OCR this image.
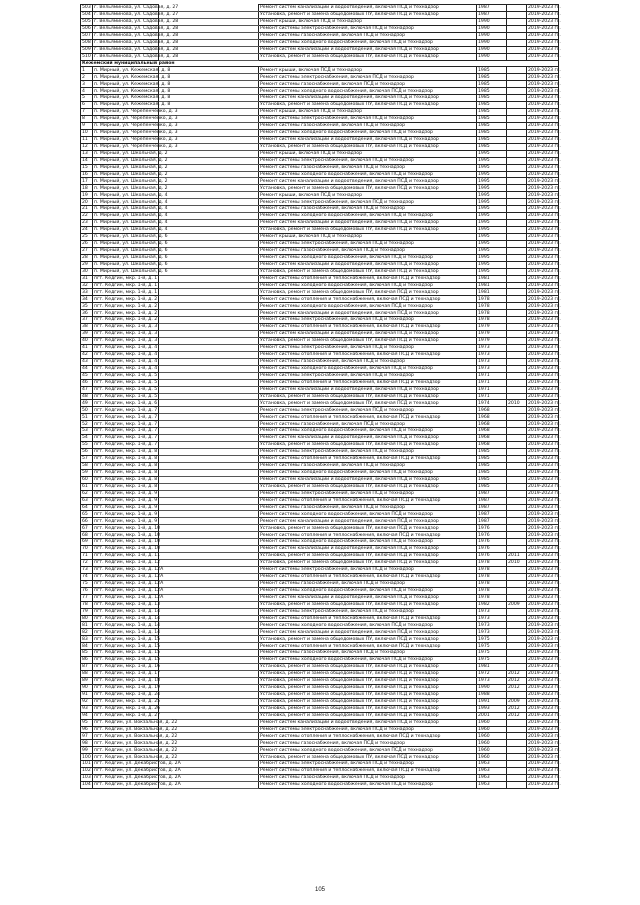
503	г. Вельяминова, ул. Садовая, д. 27		Ремонт систем канализации и водоотведения, включая ПСД и технадзор	1987		2019-2023 гг.
504	г. Вельяминова, ул. Садовая, д. 27		Установка, ремонт и замена общедомовых ПУ, включая ПСД и технадзор	1987		2019-2023 гг.
505	г. Вельяминова, ул. Садовая, д. 28		Ремонт крыши, включая ПСД и технадзор	1990		2019-2023 гг.
506	г. Вельяминова, ул. Садовая, д. 28		Ремонт системы электроснабжения, включая ПСД и технадзор	1990		2019-2023 гг.
507	г. Вельяминова, ул. Садовая, д. 28		Ремонт системы газоснабжения, включая ПСД и технадзор	1990		2019-2023 гг.
508	г. Вельяминова, ул. Садовая, д. 28		Ремонт системы холодного водоснабжения, включая ПСД и технадзор	1990		2019-2023 гг.
509	г. Вельяминова, ул. Садовая, д. 28		Ремонт систем канализации и водоотведения, включая ПСД и технадзор	1990		2019-2023 гг.
510	г. Вельяминова, ул. Садовая, д. 28		Установка, ремонт и замена общедомовых ПУ, включая ПСД и технадзор	1990		2019-2023 гг.
Кежемский муниципальный район						
1	п. Мирный, ул. Кежемская, д. 8		Ремонт крыши, включая ПСД и технадзор	1985		2019-2023 гг.
2	п. Мирный, ул. Кежемская, д. 8		Ремонт системы электроснабжения, включая ПСД и технадзор	1985		2019-2023 гг.
3	п. Мирный, ул. Кежемская, д. 8		Ремонт системы газоснабжения, включая ПСД и технадзор	1985		2019-2023 гг.
4	п. Мирный, ул. Кежемская, д. 8		Ремонт системы холодного водоснабжения, включая ПСД и технадзор	1985		2019-2023 гг.
5	п. Мирный, ул. Кежемская, д. 8		Ремонт систем канализации и водоотведения, включая ПСД и технадзор	1985		2019-2023 гг.
6	п. Мирный, ул. Кежемская, д. 8		Установка, ремонт и замена общедомовых ПУ, включая ПСД и технадзор	1985		2019-2023 гг.
7	п. Мирный, ул. Черепенченко, д. 3		Ремонт крыши, включая ПСД и технадзор	1985		2019-2023 гг.
8	п. Мирный, ул. Черепенченко, д. 3		Ремонт системы электроснабжения, включая ПСД и технадзор	1985		2019-2023 гг.
9	п. Мирный, ул. Черепенченко, д. 3		Ремонт системы газоснабжения, включая ПСД и технадзор	1985		2019-2023 гг.
10	п. Мирный, ул. Черепенченко, д. 3		Ремонт системы холодного водоснабжения, включая ПСД и технадзор	1985		2019-2023 гг.
11	п. Мирный, ул. Черепенченко, д. 3		Ремонт систем канализации и водоотведения, включая ПСД и технадзор	1985		2019-2023 гг.
12	п. Мирный, ул. Черепенченко, д. 3		Установка, ремонт и замена общедомовых ПУ, включая ПСД и технадзор	1985		2019-2023 гг.
13	п. Мирный, ул. Школьная, д. 2		Ремонт крыши, включая ПСД и технадзор	1995		2019-2023 гг.
14	п. Мирный, ул. Школьная, д. 2		Ремонт системы электроснабжения, включая ПСД и технадзор	1995		2019-2023 гг.
15	п. Мирный, ул. Школьная, д. 2		Ремонт системы газоснабжения, включая ПСД и технадзор	1995		2019-2023 гг.
16	п. Мирный, ул. Школьная, д. 2		Ремонт системы холодного водоснабжения, включая ПСД и технадзор	1995		2019-2023 гг.
17	п. Мирный, ул. Школьная, д. 2		Ремонт систем канализации и водоотведения, включая ПСД и технадзор	1995		2019-2023 гг.
18	п. Мирный, ул. Школьная, д. 2		Установка, ремонт и замена общедомовых ПУ, включая ПСД и технадзор	1995		2019-2023 гг.
19	п. Мирный, ул. Школьная, д. 4		Ремонт крыши, включая ПСД и технадзор	1995		2019-2023 гг.
20	п. Мирный, ул. Школьная, д. 4		Ремонт системы электроснабжения, включая ПСД и технадзор	1995		2019-2023 гг.
21	п. Мирный, ул. Школьная, д. 4		Ремонт системы газоснабжения, включая ПСД и технадзор	1995		2019-2023 гг.
22	п. Мирный, ул. Школьная, д. 4		Ремонт системы холодного водоснабжения, включая ПСД и технадзор	1995		2019-2023 гг.
23	п. Мирный, ул. Школьная, д. 4		Ремонт систем канализации и водоотведения, включая ПСД и технадзор	1995		2019-2023 гг.
24	п. Мирный, ул. Школьная, д. 4		Установка, ремонт и замена общедомовых ПУ, включая ПСД и технадзор	1995		2019-2023 гг.
25	п. Мирный, ул. Школьная, д. 6		Ремонт крыши, включая ПСД и технадзор	1995		2019-2023 гг.
26	п. Мирный, ул. Школьная, д. 6		Ремонт системы электроснабжения, включая ПСД и технадзор	1995		2019-2023 гг.
27	п. Мирный, ул. Школьная, д. 6		Ремонт системы газоснабжения, включая ПСД и технадзор	1995		2019-2023 гг.
28	п. Мирный, ул. Школьная, д. 6		Ремонт системы холодного водоснабжения, включая ПСД и технадзор	1995		2019-2023 гг.
29	п. Мирный, ул. Школьная, д. 6		Ремонт систем канализации и водоотведения, включая ПСД и технадзор	1995		2019-2023 гг.
30	п. Мирный, ул. Школьная, д. 6		Установка, ремонт и замена общедомовых ПУ, включая ПСД и технадзор	1995		2019-2023 гг.
31	пгт. Кедгин, мкр. 1-й, д. 1		Ремонт системы отопления и теплоснабжения, включая ПСД и технадзор	1981		2019-2023 гг.
32	пгт. Кедгин, мкр. 1-й, д. 1		Ремонт системы холодного водоснабжения, включая ПСД и технадзор	1981		2019-2023 гг.
33	пгт. Кедгин, мкр. 1-й, д. 1		Установка, ремонт и замена общедомовых ПУ, включая ПСД и технадзор	1981		2019-2023 гг.
34	пгт. Кедгин, мкр. 1-й, д. 2		Ремонт системы отопления и теплоснабжения, включая ПСД и технадзор	1978		2019-2023 гг.
35	пгт. Кедгин, мкр. 1-й, д. 2		Ремонт системы холодного водоснабжения, включая ПСД и технадзор	1978		2019-2023 гг.
36	пгт. Кедгин, мкр. 1-й, д. 2		Ремонт систем канализации и водоотведения, включая ПСД и технадзор	1978		2019-2023 гг.
37	пгт. Кедгин, мкр. 1-й, д. 2		Ремонт системы электроснабжения, включая ПСД и технадзор	1978		2019-2023 гг.
38	пгт. Кедгин, мкр. 1-й, д. 3		Ремонт системы отопления и теплоснабжения, включая ПСД и технадзор	1979		2019-2023 гг.
39	пгт. Кедгин, мкр. 1-й, д. 3		Ремонт систем канализации и водоотведения, включая ПСД и технадзор	1979		2019-2023 гг.
40	пгт. Кедгин, мкр. 1-й, д. 3		Установка, ремонт и замена общедомовых ПУ, включая ПСД и технадзор	1979		2019-2023 гг.
41	пгт. Кедгин, мкр. 1-й, д. 4		Ремонт системы электроснабжения, включая ПСД и технадзор	1973		2019-2023 гг.
42	пгт. Кедгин, мкр. 1-й, д. 4		Ремонт системы отопления и теплоснабжения, включая ПСД и технадзор	1973		2019-2023 гг.
43	пгт. Кедгин, мкр. 1-й, д. 4		Ремонт системы газоснабжения, включая ПСД и технадзор	1973		2019-2023 гг.
44	пгт. Кедгин, мкр. 1-й, д. 4		Ремонт системы холодного водоснабжения, включая ПСД и технадзор	1973		2019-2023 гг.
45	пгт. Кедгин, мкр. 1-й, д. 5		Ремонт системы электроснабжения, включая ПСД и технадзор	1971		2019-2023 гг.
46	пгт. Кедгин, мкр. 1-й, д. 5		Ремонт системы отопления и теплоснабжения, включая ПСД и технадзор	1971		2019-2023 гг.
47	пгт. Кедгин, мкр. 1-й, д. 5		Ремонт систем канализации и водоотведения, включая ПСД и технадзор	1971		2019-2023 гг.
48	пгт. Кедгин, мкр. 1-й, д. 5		Установка, ремонт и замена общедомовых ПУ, включая ПСД и технадзор	1971		2019-2023 гг.
49	пгт. Кедгин, мкр. 1-й, д. 6		Установка, ремонт и замена общедомовых ПУ, включая ПСД и технадзор	1974	2010	2019-2023 гг.
50	пгт. Кедгин, мкр. 1-й, д. 7		Ремонт системы электроснабжения, включая ПСД и технадзор	1968		2019-2023 гг.
51	пгт. Кедгин, мкр. 1-й, д. 7		Ремонт системы отопления и теплоснабжения, включая ПСД и технадзор	1968		2019-2023 гг.
52	пгт. Кедгин, мкр. 1-й, д. 7		Ремонт системы газоснабжения, включая ПСД и технадзор	1968		2019-2023 гг.
53	пгт. Кедгин, мкр. 1-й, д. 7		Ремонт системы холодного водоснабжения, включая ПСД и технадзор	1968		2019-2023 гг.
54	пгт. Кедгин, мкр. 1-й, д. 7		Ремонт систем канализации и водоотведения, включая ПСД и технадзор	1968		2019-2023 гг.
55	пгт. Кедгин, мкр. 1-й, д. 7		Установка, ремонт и замена общедомовых ПУ, включая ПСД и технадзор	1968		2019-2023 гг.
56	пгт. Кедгин, мкр. 1-й, д. 8		Ремонт системы электроснабжения, включая ПСД и технадзор	1985		2019-2023 гг.
57	пгт. Кедгин, мкр. 1-й, д. 8		Ремонт системы отопления и теплоснабжения, включая ПСД и технадзор	1985		2019-2023 гг.
58	пгт. Кедгин, мкр. 1-й, д. 8		Ремонт системы газоснабжения, включая ПСД и технадзор	1985		2019-2023 гг.
59	пгт. Кедгин, мкр. 1-й, д. 8		Ремонт системы холодного водоснабжения, включая ПСД и технадзор	1985		2019-2023 гг.
60	пгт. Кедгин, мкр. 1-й, д. 8		Ремонт систем канализации и водоотведения, включая ПСД и технадзор	1985		2019-2023 гг.
61	пгт. Кедгин, мкр. 1-й, д. 8		Установка, ремонт и замена общедомовых ПУ, включая ПСД и технадзор	1985		2019-2023 гг.
62	пгт. Кедгин, мкр. 1-й, д. 9		Ремонт системы электроснабжения, включая ПСД и технадзор	1987		2019-2023 гг.
63	пгт. Кедгин, мкр. 1-й, д. 9		Ремонт системы отопления и теплоснабжения, включая ПСД и технадзор	1987		2019-2023 гг.
64	пгт. Кедгин, мкр. 1-й, д. 9		Ремонт системы газоснабжения, включая ПСД и технадзор	1987		2019-2023 гг.
65	пгт. Кедгин, мкр. 1-й, д. 9		Ремонт системы холодного водоснабжения, включая ПСД и технадзор	1987		2019-2023 гг.
66	пгт. Кедгин, мкр. 1-й, д. 9		Ремонт систем канализации и водоотведения, включая ПСД и технадзор	1987		2019-2023 гг.
67	пгт. Кедгин, мкр. 1-й, д. 10		Установка, ремонт и замена общедомовых ПУ, включая ПСД и технадзор	1976		2019-2023 гг.
68	пгт. Кедгин, мкр. 1-й, д. 10		Ремонт системы отопления и теплоснабжения, включая ПСД и технадзор	1976		2019-2023 гг.
69	пгт. Кедгин, мкр. 1-й, д. 10		Ремонт системы холодного водоснабжения, включая ПСД и технадзор	1976		2019-2023 гг.
70	пгт. Кедгин, мкр. 1-й, д. 10		Ремонт систем канализации и водоотведения, включая ПСД и технадзор	1976		2019-2023 гг.
71	пгт. Кедгин, мкр. 1-й, д. 11		Установка, ремонт и замена общедомовых ПУ, включая ПСД и технадзор	1976	2011	2019-2023 гг.
72	пгт. Кедгин, мкр. 1-й, д. 12		Установка, ремонт и замена общедомовых ПУ, включая ПСД и технадзор	1978	2010	2019-2023 гг.
73	пгт. Кедгин, мкр. 1-й, д. 12А		Ремонт системы электроснабжения, включая ПСД и технадзор	1978		2019-2023 гг.
74	пгт. Кедгин, мкр. 1-й, д. 12А		Ремонт системы отопления и теплоснабжения, включая ПСД и технадзор	1978		2019-2023 гг.
75	пгт. Кедгин, мкр. 1-й, д. 12А		Ремонт системы газоснабжения, включая ПСД и технадзор	1978		2019-2023 гг.
76	пгт. Кедгин, мкр. 1-й, д. 12А		Ремонт системы холодного водоснабжения, включая ПСД и технадзор	1978		2019-2023 гг.
77	пгт. Кедгин, мкр. 1-й, д. 12А		Ремонт систем канализации и водоотведения, включая ПСД и технадзор	1978		2019-2023 гг.
78	пгт. Кедгин, мкр. 1-й, д. 13		Установка, ремонт и замена общедомовых ПУ, включая ПСД и технадзор	1982	2009	2019-2023 гг.
79	пгт. Кедгин, мкр. 1-й, д. 14		Ремонт системы электроснабжения, включая ПСД и технадзор	1973		2019-2023 гг.
80	пгт. Кедгин, мкр. 1-й, д. 14		Ремонт системы отопления и теплоснабжения, включая ПСД и технадзор	1973		2019-2023 гг.
81	пгт. Кедгин, мкр. 1-й, д. 14		Ремонт системы холодного водоснабжения, включая ПСД и технадзор	1973		2019-2023 гг.
82	пгт. Кедгин, мкр. 1-й, д. 14		Ремонт систем канализации и водоотведения, включая ПСД и технадзор	1973		2019-2023 гг.
83	пгт. Кедгин, мкр. 1-й, д. 15		Установка, ремонт и замена общедомовых ПУ, включая ПСД и технадзор	1975		2019-2023 гг.
84	пгт. Кедгин, мкр. 1-й, д. 15		Ремонт системы отопления и теплоснабжения, включая ПСД и технадзор	1975		2019-2023 гг.
85	пгт. Кедгин, мкр. 1-й, д. 15		Ремонт системы газоснабжения, включая ПСД и технадзор	1975		2019-2023 гг.
86	пгт. Кедгин, мкр. 1-й, д. 15		Ремонт системы холодного водоснабжения, включая ПСД и технадзор	1975		2019-2023 гг.
87	пгт. Кедгин, мкр. 1-й, д. 16		Установка, ремонт и замена общедомовых ПУ, включая ПСД и технадзор	1981		2019-2023 гг.
88	пгт. Кедгин, мкр. 1-й, д. 17		Установка, ремонт и замена общедомовых ПУ, включая ПСД и технадзор	1972	2012	2019-2023 гг.
89	пгт. Кедгин, мкр. 1-й, д. 18		Установка, ремонт и замена общедомовых ПУ, включая ПСД и технадзор	1973	2012	2019-2023 гг.
90	пгт. Кедгин, мкр. 1-й, д. 19		Установка, ремонт и замена общедомовых ПУ, включая ПСД и технадзор	1990	2012	2019-2023 гг.
91	пгт. Кедгин, мкр. 1-й, д. 24		Установка, ремонт и замена общедомовых ПУ, включая ПСД и технадзор	1988		2019-2023 гг.
92	пгт. Кедгин, мкр. 1-й, д. 25		Установка, ремонт и замена общедомовых ПУ, включая ПСД и технадзор	1991	2009	2019-2023 гг.
93	пгт. Кедгин, мкр. 1-й, д. 26		Установка, ремонт и замена общедомовых ПУ, включая ПСД и технадзор	1993	2012	2019-2023 гг.
94	пгт. Кедгин, мкр. 1-й, д. 27		Установка, ремонт и замена общедомовых ПУ, включая ПСД и технадзор	2001	2012	2019-2023 гг.
95	пгт. Кедгин, ул. Вокзальная, д. 22		Ремонт систем канализации и водоотведения, включая ПСД и технадзор	1960		2019-2023 гг.
96	пгт. Кедгин, ул. Вокзальная, д. 22		Ремонт системы электроснабжения, включая ПСД и технадзор	1960		2019-2023 гг.
97	пгт. Кедгин, ул. Вокзальная, д. 22		Ремонт системы отопления и теплоснабжения, включая ПСД и технадзор	1960		2019-2023 гг.
98	пгт. Кедгин, ул. Вокзальная, д. 22		Ремонт системы газоснабжения, включая ПСД и технадзор	1960		2019-2023 гг.
99	пгт. Кедгин, ул. Вокзальная, д. 22		Ремонт системы холодного водоснабжения, включая ПСД и технадзор	1960		2019-2023 гг.
100	пгт. Кедгин, ул. Вокзальная, д. 22		Установка, ремонт и замена общедомовых ПУ, включая ПСД и технадзор	1960		2019-2023 гг.
101	пгт. Кедгин, ул. Декабристов, д. 2А		Ремонт системы электроснабжения, включая ПСД и технадзор	1963		2019-2023 гг.
102	пгт. Кедгин, ул. Декабристов, д. 2А		Ремонт системы отопления и теплоснабжения, включая ПСД и технадзор	1963		2019-2023 гг.
103	пгт. Кедгин, ул. Декабристов, д. 2А		Ремонт системы газоснабжения, включая ПСД и технадзор	1963		2019-2023 гг.
104	пгт. Кедгин, ул. Декабристов, д. 2А		Ремонт системы холодного водоснабжения, включая ПСД и технадзор	1963		2019-2023 гг.
105
